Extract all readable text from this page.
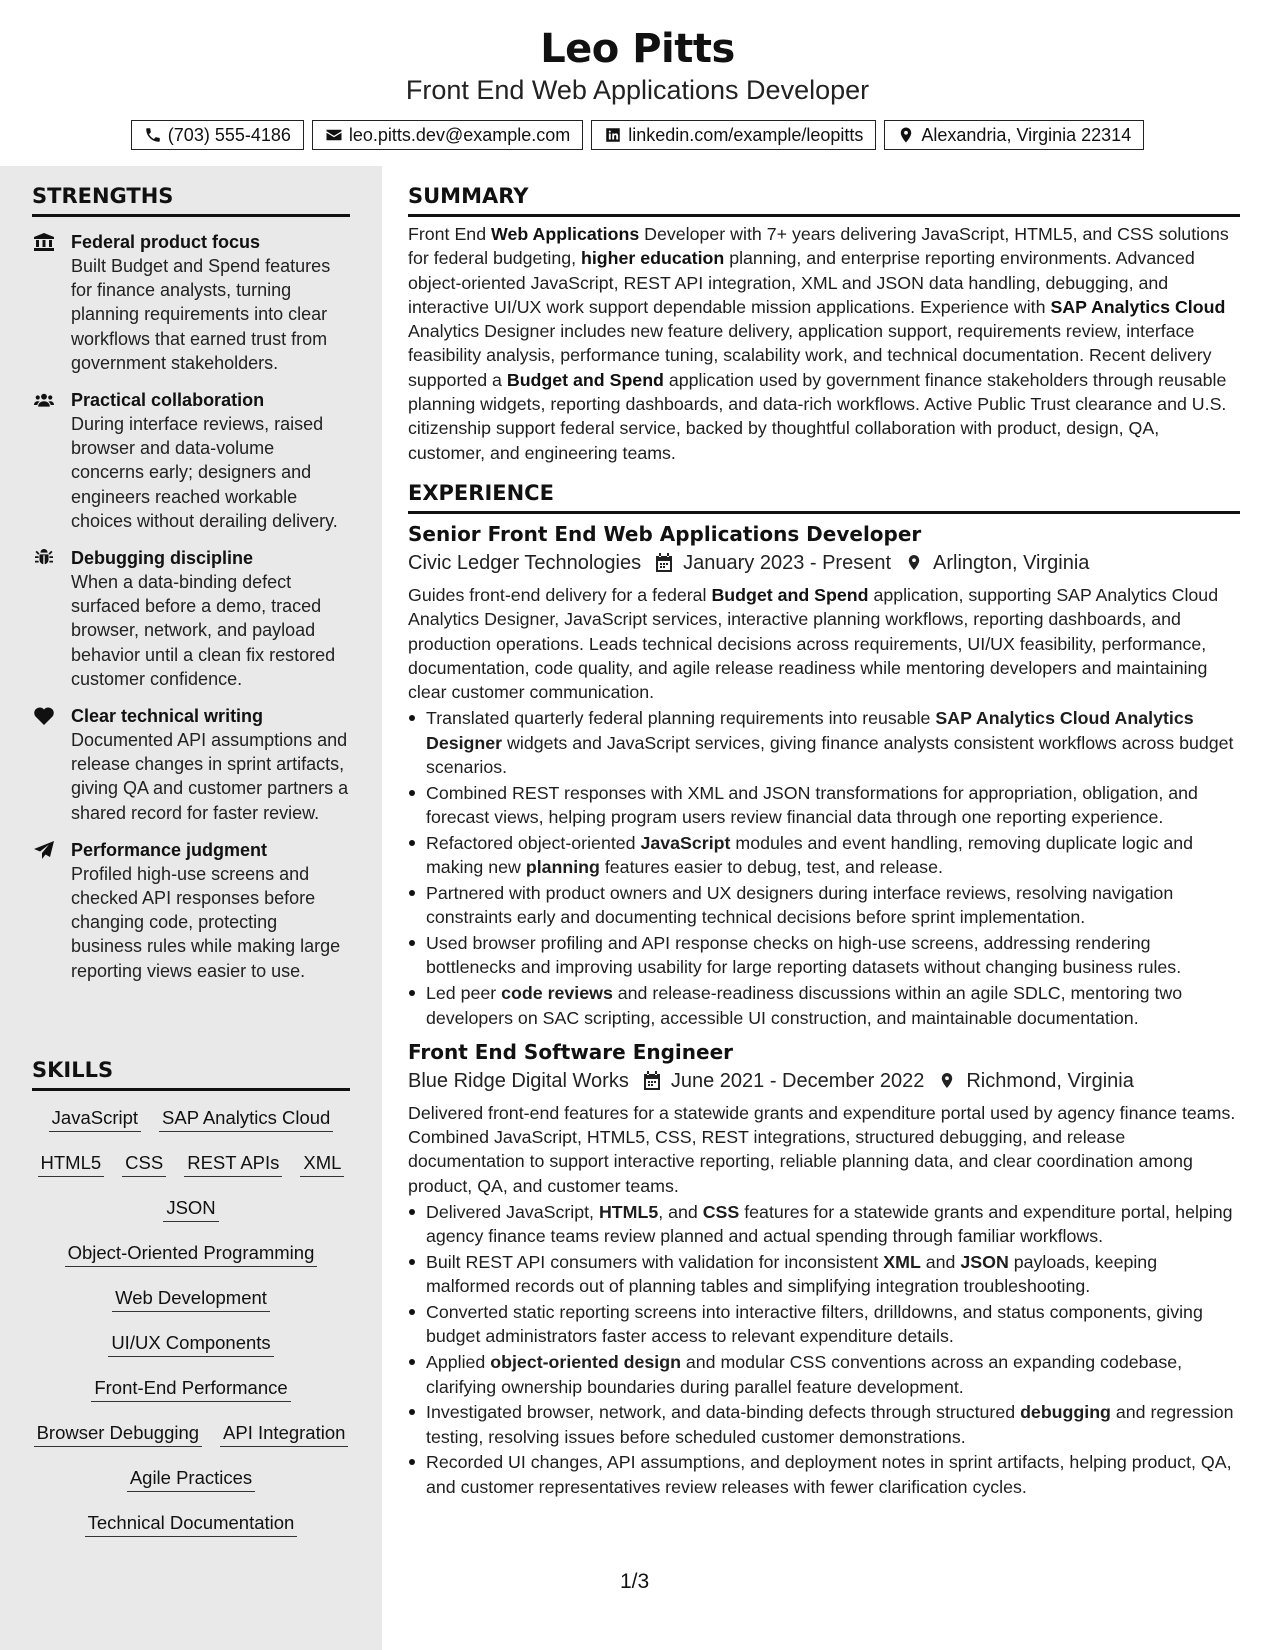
Leo Pitts
Front End Web Applications Developer
(703) 555-4186	leo.pitts.dev@example.com	linkedin.com/example/leopitts	Alexandria, Virginia 22314
STRENGTHS
Federal product focus

Built Budget and Spend features for finance analysts, turning planning requirements into clear workflows that earned trust from government stakeholders.

Practical collaboration

During interface reviews, raised browser and data-volume concerns early; designers and engineers reached workable choices without derailing delivery.

Debugging discipline

When a data-binding defect surfaced before a demo, traced browser, network, and payload behavior until a clean fix restored customer confidence.

Clear technical writing

Documented API assumptions and release changes in sprint artifacts, giving QA and customer partners a shared record for faster review.

Performance judgment

Profiled high-use screens and checked API responses before changing code, protecting business rules while making large reporting views easier to use.

SKILLS
JavaScript SAP Analytics Cloud
HTML5 CSS REST APIs XML
JSON
Object-Oriented Programming
Web Development
UI/UX Components
Front-End Performance
Browser Debugging API Integration
Agile Practices
Technical Documentation
SUMMARY

Front End Web Applications Developer with 7+ years delivering JavaScript, HTML5, and CSS solutions for federal budgeting, higher education planning, and enterprise reporting environments. Advanced object-oriented JavaScript, REST API integration, XML and JSON data handling, debugging, and interactive UI/UX work support dependable mission applications. Experience with SAP Analytics Cloud Analytics Designer includes new feature delivery, application support, requirements review, interface feasibility analysis, performance tuning, scalability work, and technical documentation. Recent delivery supported a Budget and Spend application used by government finance stakeholders through reusable planning widgets, reporting dashboards, and data-rich workflows. Active Public Trust clearance and U.S. citizenship support federal service, backed by thoughtful collaboration with product, design, QA, customer, and engineering teams.

EXPERIENCE
Senior Front End Web Applications Developer
Civic Ledger Technologies January 2023 - Present Arlington, Virginia

Guides front-end delivery for a federal Budget and Spend application, supporting SAP Analytics Cloud Analytics Designer, JavaScript services, interactive planning workflows, reporting dashboards, and production operations. Leads technical decisions across requirements, UI/UX feasibility, performance, documentation, code quality, and agile release readiness while mentoring developers and maintaining clear customer communication.

Translated quarterly federal planning requirements into reusable SAP Analytics Cloud Analytics Designer widgets and JavaScript services, giving finance analysts consistent workflows across budget scenarios.
Combined REST responses with XML and JSON transformations for appropriation, obligation, and forecast views, helping program users review financial data through one reporting experience.
Refactored object-oriented JavaScript modules and event handling, removing duplicate logic and making new planning features easier to debug, test, and release.
Partnered with product owners and UX designers during interface reviews, resolving navigation constraints early and documenting technical decisions before sprint implementation.
Used browser profiling and API response checks on high-use screens, addressing rendering bottlenecks and improving usability for large reporting datasets without changing business rules.
Led peer code reviews and release-readiness discussions within an agile SDLC, mentoring two developers on SAC scripting, accessible UI construction, and maintainable documentation.
Front End Software Engineer
Blue Ridge Digital Works June 2021 - December 2022 Richmond, Virginia

Delivered front-end features for a statewide grants and expenditure portal used by agency finance teams. Combined JavaScript, HTML5, CSS, REST integrations, structured debugging, and release documentation to support interactive reporting, reliable planning data, and clear coordination among product, QA, and customer teams.

Delivered JavaScript, HTML5, and CSS features for a statewide grants and expenditure portal, helping agency finance teams review planned and actual spending through familiar workflows.
Built REST API consumers with validation for inconsistent XML and JSON payloads, keeping malformed records out of planning tables and simplifying integration troubleshooting.
Converted static reporting screens into interactive filters, drilldowns, and status components, giving budget administrators faster access to relevant expenditure details.
Applied object-oriented design and modular CSS conventions across an expanding codebase, clarifying ownership boundaries during parallel feature development.
Investigated browser, network, and data-binding defects through structured debugging and regression testing, resolving issues before scheduled customer demonstrations.
Recorded UI changes, API assumptions, and deployment notes in sprint artifacts, helping product, QA, and customer representatives review releases with fewer clarification cycles.
1/3
